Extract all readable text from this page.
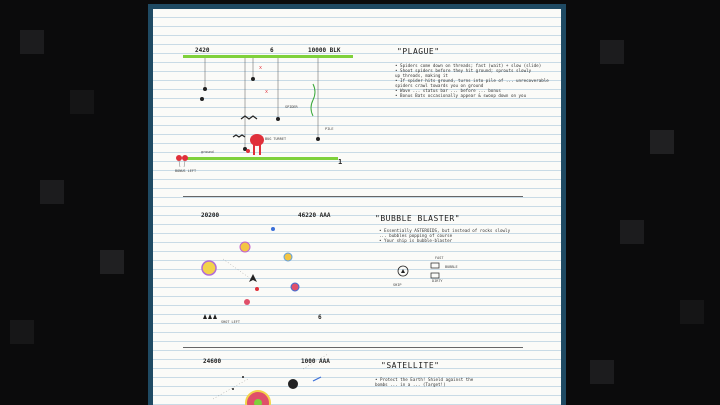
2420	6	10000 BLK
x
x
1
PILE
SPIDER
BUG TURRET
BONUS LEFT
ground
"PLAGUE"
• Spiders come down on threads; fast (wait) + slow (slide)
• Shoot spiders before they hit ground; sprouts slowly
up threads, making it
• If spider hits ground, turns into pile of ... unrecoverable
spiders crawl towards you on ground
• Wave ... status bar ... before ... bonus
• Bonus Bats occasionally appear & swoop down on you
20200	46220 AAA
6
SHIP
FAST
BUBBLE
DIRTY
SHOT LEFT
"BUBBLE BLASTER"
• Essentially ASTEROIDS, but instead of rocks slowly
... bubbles popping of course
• Your ship is bubble-blaster
24600	1000 AAA	"SATELLITE"
• Protect the Earth! Shield against the
bombs ... in a ... (Target!)
